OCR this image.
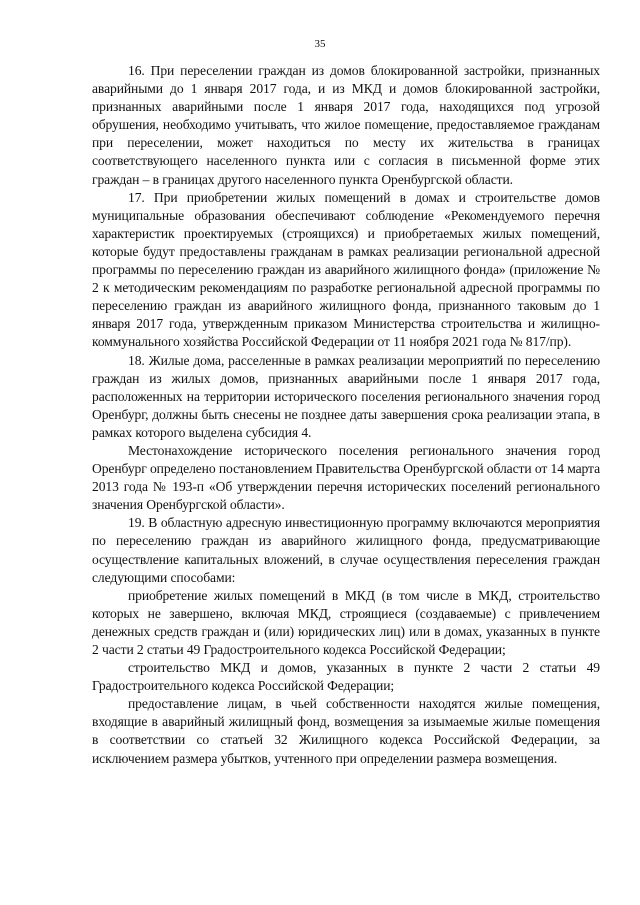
35

16. При переселении граждан из домов блокированной застройки, признанных аварийными до 1 января 2017 года, и из МКД и домов блокированной застройки, признанных аварийными после 1 января 2017 года, находящихся под угрозой обрушения, необходимо учитывать, что жилое помещение, предоставляемое гражданам при переселении, может находиться по месту их жительства в границах соответствующего населенного пункта или с согласия в письменной форме этих граждан – в границах другого населенного пункта Оренбургской области.

17. При приобретении жилых помещений в домах и строительстве домов муниципальные образования обеспечивают соблюдение «Рекомендуемого перечня характеристик проектируемых (строящихся) и приобретаемых жилых помещений, которые будут предоставлены гражданам в рамках реализации региональной адресной программы по переселению граждан из аварийного жилищного фонда» (приложение № 2 к методическим рекомендациям по разработке региональной адресной программы по переселению граждан из аварийного жилищного фонда, признанного таковым до 1 января 2017 года, утвержденным приказом Министерства строительства и жилищно-коммунального хозяйства Российской Федерации от 11 ноября 2021 года № 817/пр).

18. Жилые дома, расселенные в рамках реализации мероприятий по переселению граждан из жилых домов, признанных аварийными после 1 января 2017 года, расположенных на территории исторического поселения регионального значения город Оренбург, должны быть снесены не позднее даты завершения срока реализации этапа, в рамках которого выделена субсидия 4.

Местонахождение исторического поселения регионального значения город Оренбург определено постановлением Правительства Оренбургской области от 14 марта 2013 года № 193-п «Об утверждении перечня исторических поселений регионального значения Оренбургской области».

19. В областную адресную инвестиционную программу включаются мероприятия по переселению граждан из аварийного жилищного фонда, предусматривающие осуществление капитальных вложений, в случае осуществления переселения граждан следующими способами:

приобретение жилых помещений в МКД (в том числе в МКД, строительство которых не завершено, включая МКД, строящиеся (создаваемые) с привлечением денежных средств граждан и (или) юридических лиц) или в домах, указанных в пункте 2 части 2 статьи 49 Градостроительного кодекса Российской Федерации;

строительство МКД и домов, указанных в пункте 2 части 2 статьи 49 Градостроительного кодекса Российской Федерации;

предоставление лицам, в чьей собственности находятся жилые помещения, входящие в аварийный жилищный фонд, возмещения за изымаемые жилые помещения в соответствии со статьей 32 Жилищного кодекса Российской Федерации, за исключением размера убытков, учтенного при определении размера возмещения.
